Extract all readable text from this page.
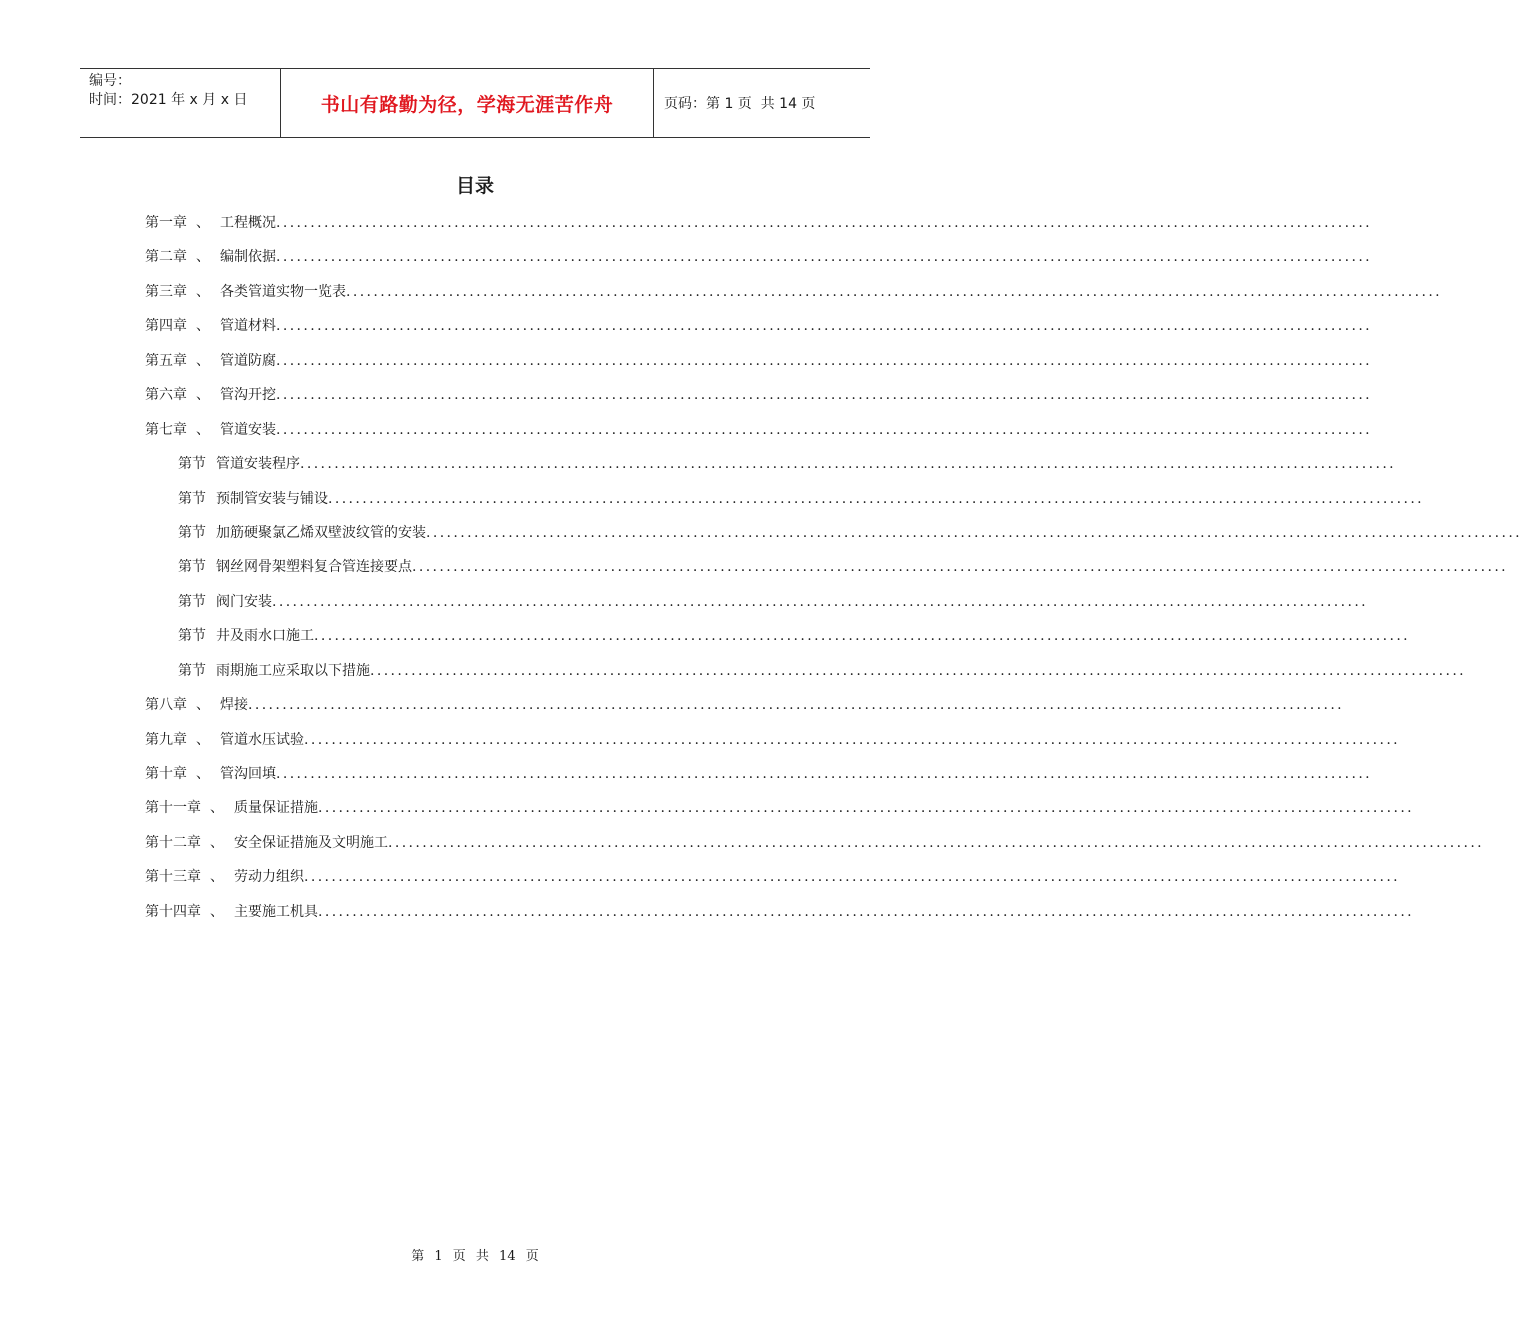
编号：
时间：2021 年 x 月 x 日	书山有路勤为径，学海无涯苦作舟	页码：第 1 页  共 14 页
目录
第一章 、 工程概况 ................................................................................................................................................................
第二章 、 编制依据 ................................................................................................................................................................
第三章 、 各类管道实物一览表 ................................................................................................................................................................
第四章 、 管道材料 ................................................................................................................................................................
第五章 、 管道防腐 ................................................................................................................................................................
第六章 、 管沟开挖 ................................................................................................................................................................
第七章 、 管道安装 ................................................................................................................................................................
第节 管道安装程序 ................................................................................................................................................................
第节 预制管安装与铺设 ................................................................................................................................................................
第节 加筋硬聚氯乙烯双壁波纹管的安装 ................................................................................................................................................................
第节 钢丝网骨架塑料复合管连接要点 ................................................................................................................................................................
第节 阀门安装 ................................................................................................................................................................
第节 井及雨水口施工 ................................................................................................................................................................
第节 雨期施工应采取以下措施 ................................................................................................................................................................
第八章 、 焊接 ................................................................................................................................................................
第九章 、 管道水压试验 ................................................................................................................................................................
第十章 、 管沟回填 ................................................................................................................................................................
第十一章 、 质量保证措施 ................................................................................................................................................................
第十二章 、 安全保证措施及文明施工 ................................................................................................................................................................
第十三章 、 劳动力组织 ................................................................................................................................................................
第十四章 、 主要施工机具 ................................................................................................................................................................
第 1 页 共 14 页
